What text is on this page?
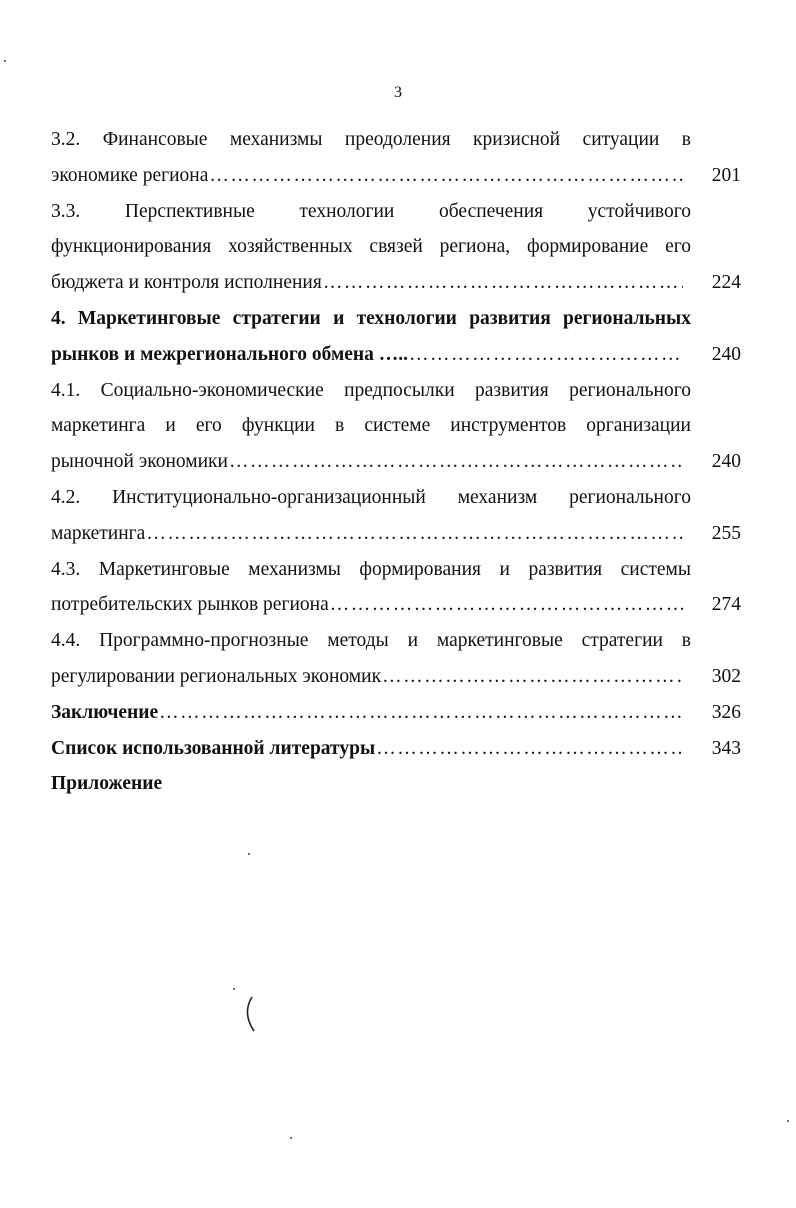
3
3.2. Финансовые механизмы преодоления кризисной ситуации в
экономике региона ……………………………………………………………………………………………………………	201
3.3. Перспективные технологии обеспечения устойчивого
функционирования хозяйственных связей региона, формирование его
бюджета и контроля исполнения ……………………………………………………………………………………………………………	224
4. Маркетинговые стратегии и технологии развития региональных
рынков и межрегионального обмена ….. ……………………………………………………………………………………………………………	240
4.1. Социально-экономические предпосылки развития регионального
маркетинга и его функции в системе инструментов организации
рыночной экономики ……………………………………………………………………………………………………………	240
4.2. Институционально-организационный механизм регионального
маркетинга ……………………………………………………………………………………………………………	255
4.3. Маркетинговые механизмы формирования и развития системы
потребительских рынков региона ……………………………………………………………………………………………………………	274
4.4. Программно-прогнозные методы и маркетинговые стратегии в
регулировании региональных экономик ……………………………………………………………………………………………………………	302
Заключение ……………………………………………………………………………………………………………	326
Список использованной литературы ……………………………………………………………………………………………………………	343
Приложение
